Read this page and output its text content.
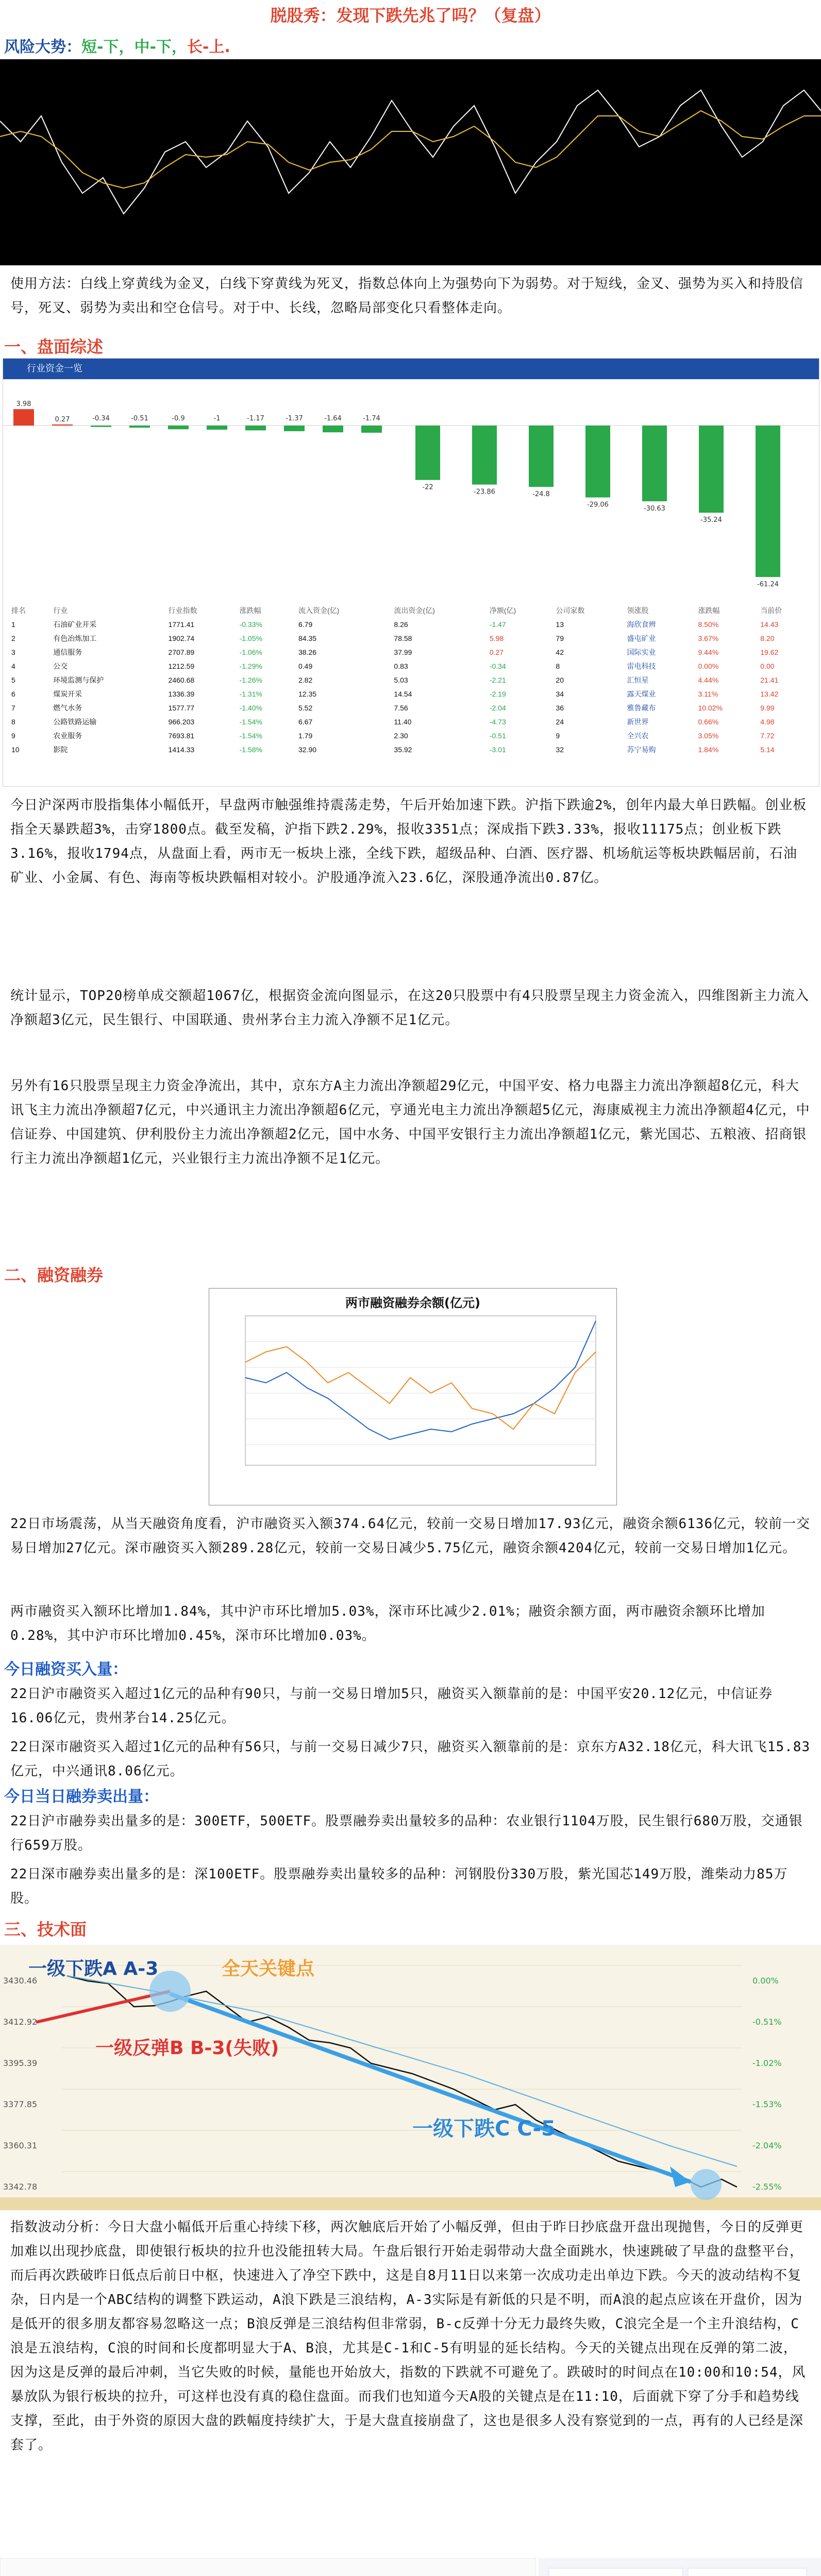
脱股秀：发现下跌先兆了吗？（复盘）
风险大势：短-下，中-下，长-上.
使用方法：白线上穿黄线为金叉，白线下穿黄线为死叉，指数总体向上为强势向下为弱势。对于短线，金叉、强势为买入和持股信号，死叉、弱势为卖出和空仓信号。对于中、长线，忽略局部变化只看整体走向。
一、盘面综述
行业资金一览
3.98
0.27	-0.34	-0.51	-0.9	-1	-1.17	-1.37	-1.64	-1.74
-22
-23.86	-24.8
-29.06
-30.63
-35.24
-61.24
排名	行业	行业指数	涨跌幅	流入资金(亿)	流出资金(亿)	净额(亿)	公司家数	领涨股	涨跌幅	当前价
1	石油矿业开采	1771.41	-0.33%	6.79	8.26	-1.47	13	海欣食辨	8.50%	14.43
2	有色冶炼加工	1902.74	-1.05%	84.35	78.58	5.98	79	盛屯矿业	3.67%	8.20
3	通信服务	2707.89	-1.06%	38.26	37.99	0.27	42	国际实业	9.44%	19.62
4	公交	1212.59	-1.29%	0.49	0.83	-0.34	8	雷电科技	0.00%	0.00
5	环境监测与保护	2460.68	-1.26%	2.82	5.03	-2.21	20	汇恒星	4.44%	21.41
6	煤炭开采	1336.39	-1.31%	12.35	14.54	-2.19	34	露天煤业	3.11%	13.42
7	燃气水务	1577.77	-1.40%	5.52	7.56	-2.04	36	雅鲁藏布	10.02%	9.99
8	公路铁路运输	966.203	-1.54%	6.67	11.40	-4.73	24	新世界	0.66%	4.98
9	农业服务	7693.81	-1.54%	1.79	2.30	-0.51	9	全兴农	3.05%	7.72
10	影院	1414.33	-1.58%	32.90	35.92	-3.01	32	苏宁易购	1.84%	5.14
今日沪深两市股指集体小幅低开，早盘两市触强维持震荡走势，午后开始加速下跌。沪指下跌逾2%，创年内最大单日跌幅。创业板指全天暴跌超3%，击穿1800点。截至发稿，沪指下跌2.29%，报收3351点；深成指下跌3.33%，报收11175点；创业板下跌3.16%，报收1794点，从盘面上看，两市无一板块上涨，全线下跌，超级品种、白酒、医疗器、机场航运等板块跌幅居前，石油矿业、小金属、有色、海南等板块跌幅相对较小。沪股通净流入23.6亿，深股通净流出0.87亿。
统计显示，TOP20榜单成交额超1067亿，根据资金流向图显示，在这20只股票中有4只股票呈现主力资金流入，四维图新主力流入净额超3亿元，民生银行、中国联通、贵州茅台主力流入净额不足1亿元。
另外有16只股票呈现主力资金净流出，其中，京东方A主力流出净额超29亿元，中国平安、格力电器主力流出净额超8亿元，科大讯飞主力流出净额超7亿元，中兴通讯主力流出净额超6亿元，亨通光电主力流出净额超5亿元，海康威视主力流出净额超4亿元，中信证券、中国建筑、伊利股份主力流出净额超2亿元，国中水务、中国平安银行主力流出净额超1亿元，紫光国芯、五粮液、招商银行主力流出净额超1亿元，兴业银行主力流出净额不足1亿元。
二、融资融券
两市融资融券余额(亿元)
22日市场震荡，从当天融资角度看，沪市融资买入额374.64亿元，较前一交易日增加17.93亿元，融资余额6136亿元，较前一交易日增加27亿元。深市融资买入额289.28亿元，较前一交易日减少5.75亿元，融资余额4204亿元，较前一交易日增加1亿元。
两市融资买入额环比增加1.84%，其中沪市环比增加5.03%，深市环比减少2.01%；融资余额方面，两市融资余额环比增加0.28%，其中沪市环比增加0.45%，深市环比增加0.03%。
今日融资买入量：
22日沪市融资买入超过1亿元的品种有90只，与前一交易日增加5只，融资买入额靠前的是：中国平安20.12亿元，中信证券16.06亿元，贵州茅台14.25亿元。
22日深市融资买入超过1亿元的品种有56只，与前一交易日减少7只，融资买入额靠前的是：京东方A32.18亿元，科大讯飞15.83亿元，中兴通讯8.06亿元。
今日当日融券卖出量：
22日沪市融券卖出量多的是：300ETF，500ETF。股票融券卖出量较多的品种：农业银行1104万股，民生银行680万股，交通银行659万股。
22日深市融券卖出量多的是：深100ETF。股票融券卖出量较多的品种：河钢股份330万股，紫光国芯149万股，潍柴动力85万股。
三、技术面
一级下跌A A-3	全天关键点
一级反弹B B-3(失败)
一级下跌C C-5
3430.46
3412.92
3395.39
3377.85
3360.31
3342.78
0.00%
-0.51%
-1.02%
-1.53%
-2.04%
-2.55%
指数波动分析：今日大盘小幅低开后重心持续下移，两次触底后开始了小幅反弹，但由于昨日抄底盘开盘出现抛售，今日的反弹更加难以出现抄底盘，即使银行板块的拉升也没能扭转大局。午盘后银行开始走弱带动大盘全面跳水，快速跳破了早盘的盘整平台，而后再次跌破昨日低点后前日中枢，快速进入了净空下跌中，这是自8月11日以来第一次成功走出单边下跌。今天的波动结构不复杂，日内是一个ABC结构的调整下跌运动，A浪下跌是三浪结构，A-3实际是有新低的只是不明，而A浪的起点应该在开盘价，因为是低开的很多朋友都容易忽略这一点；B浪反弹是三浪结构但非常弱，B-c反弹十分无力最终失败，C浪完全是一个主升浪结构，C浪是五浪结构，C浪的时间和长度都明显大于A、B浪，尤其是C-1和C-5有明显的延长结构。今天的关键点出现在反弹的第二波，因为这是反弹的最后冲刺，当它失败的时候，量能也开始放大，指数的下跌就不可避免了。跌破时的时间点在10:00和10:54，风暴放队为银行板块的拉升，可这样也没有真的稳住盘面。而我们也知道今天A股的关键点是在11:10，后面就下穿了分手和趋势线支撑，至此，由于外资的原因大盘的跌幅度持续扩大，于是大盘直接崩盘了，这也是很多人没有察觉到的一点，再有的人已经是深套了。
